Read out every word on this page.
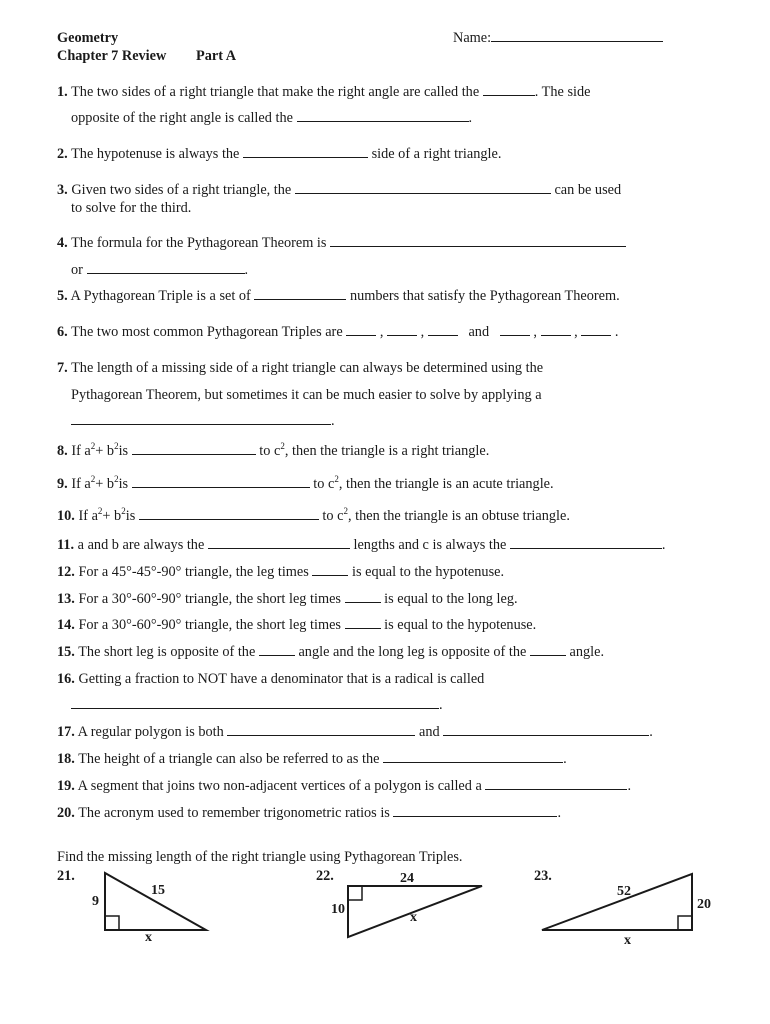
Geometry
Chapter 7 Review Part A
Name:
1. The two sides of a right triangle that make the right angle are called the	. The side
opposite of the right angle is called the	.
2. The hypotenuse is always the	side of a right triangle.
3. Given two sides of a right triangle, the	can be used
to solve for the third.
4. The formula for the Pythagorean Theorem is
or	.
5. A Pythagorean Triple is a set of	numbers that satisfy the Pythagorean Theorem.
6. The two most common Pythagorean Triples are	,	,	and	,	,	.
7. The length of a missing side of a right triangle can always be determined using the
Pythagorean Theorem, but sometimes it can be much easier to solve by applying a
.
8. If $a^2+ b^2is$	to $c^2$, then the triangle is a right triangle.
9. If $a^2+ b^2is$	to $c^2$, then the triangle is an acute triangle.
10. If $a^2+ b^2is$	to $c^2$, then the triangle is an obtuse triangle.
11. a and b are always the	lengths and c is always the	.
12. For a 45°-45°-90° triangle, the leg times	is equal to the hypotenuse.
13. For a 30°-60°-90° triangle, the short leg times	is equal to the long leg.
14. For a 30°-60°-90° triangle, the short leg times	is equal to the hypotenuse.
15. The short leg is opposite of the	angle and the long leg is opposite of the	angle.
16. Getting a fraction to NOT have a denominator that is a radical is called
.
17. A regular polygon is both	and	.
18. The height of a triangle can also be referred to as the	.
19. A segment that joins two non-adjacent vertices of a polygon is called a	.
20. The acronym used to remember trigonometric ratios is	.
Find the missing length of the right triangle using Pythagorean Triples.
21.
9
15
x
22.	24
10
x
23.
52
20
x
